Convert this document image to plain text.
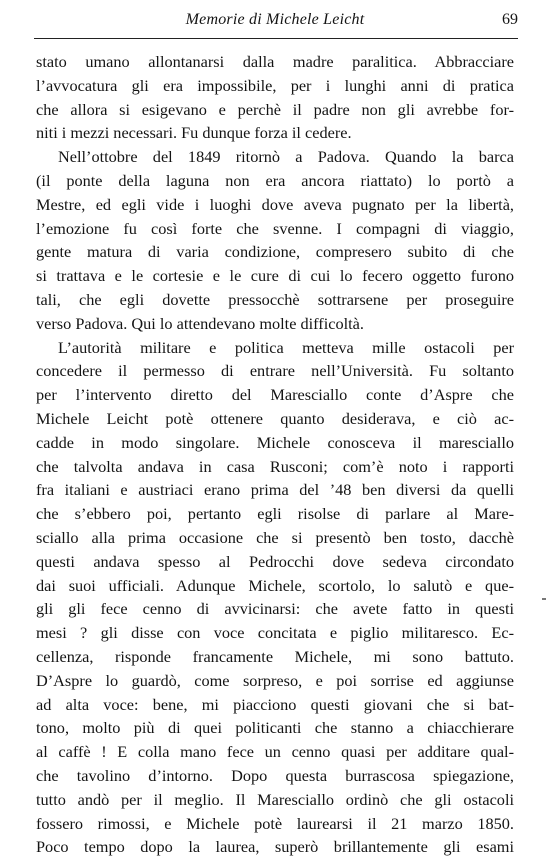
Memorie di Michele Leicht	69
stato umano allontanarsi dalla madre paralitica. Abbracciare
l’avvocatura gli era impossibile, per i lunghi anni di pratica
che allora si esigevano e perchè il padre non gli avrebbe for-
niti i mezzi necessari. Fu dunque forza il cedere.
Nell’ottobre del 1849 ritornò a Padova. Quando la barca
(il ponte della laguna non era ancora riattato) lo portò a
Mestre, ed egli vide i luoghi dove aveva pugnato per la libertà,
l’emozione fu così forte che svenne. I compagni di viaggio,
gente matura di varia condizione, compresero subito di che
si trattava e le cortesie e le cure di cui lo fecero oggetto furono
tali, che egli dovette pressocchè sottrarsene per proseguire
verso Padova. Qui lo attendevano molte difficoltà.
L’autorità militare e politica metteva mille ostacoli per
concedere il permesso di entrare nell’Università. Fu soltanto
per l’intervento diretto del Maresciallo conte d’Aspre che
Michele Leicht potè ottenere quanto desiderava, e ciò ac-
cadde in modo singolare. Michele conosceva il maresciallo
che talvolta andava in casa Rusconi; com’è noto i rapporti
fra italiani e austriaci erano prima del ’48 ben diversi da quelli
che s’ebbero poi, pertanto egli risolse di parlare al Mare-
sciallo alla prima occasione che si presentò ben tosto, dacchè
questi andava spesso al Pedrocchi dove sedeva circondato
dai suoi ufficiali. Adunque Michele, scortolo, lo salutò e que-
gli gli fece cenno di avvicinarsi: che avete fatto in questi
mesi ? gli disse con voce concitata e piglio militaresco. Ec-
cellenza, risponde francamente Michele, mi sono battuto.
D’Aspre lo guardò, come sorpreso, e poi sorrise ed aggiunse
ad alta voce: bene, mi piacciono questi giovani che si bat-
tono, molto più di quei politicanti che stanno a chiacchierare
al caffè ! E colla mano fece un cenno quasi per additare qual-
che tavolino d’intorno. Dopo questa burrascosa spiegazione,
tutto andò per il meglio. Il Maresciallo ordinò che gli ostacoli
fossero rimossi, e Michele potè laurearsi il 21 marzo 1850.
Poco tempo dopo la laurea, superò brillantemente gli esami
